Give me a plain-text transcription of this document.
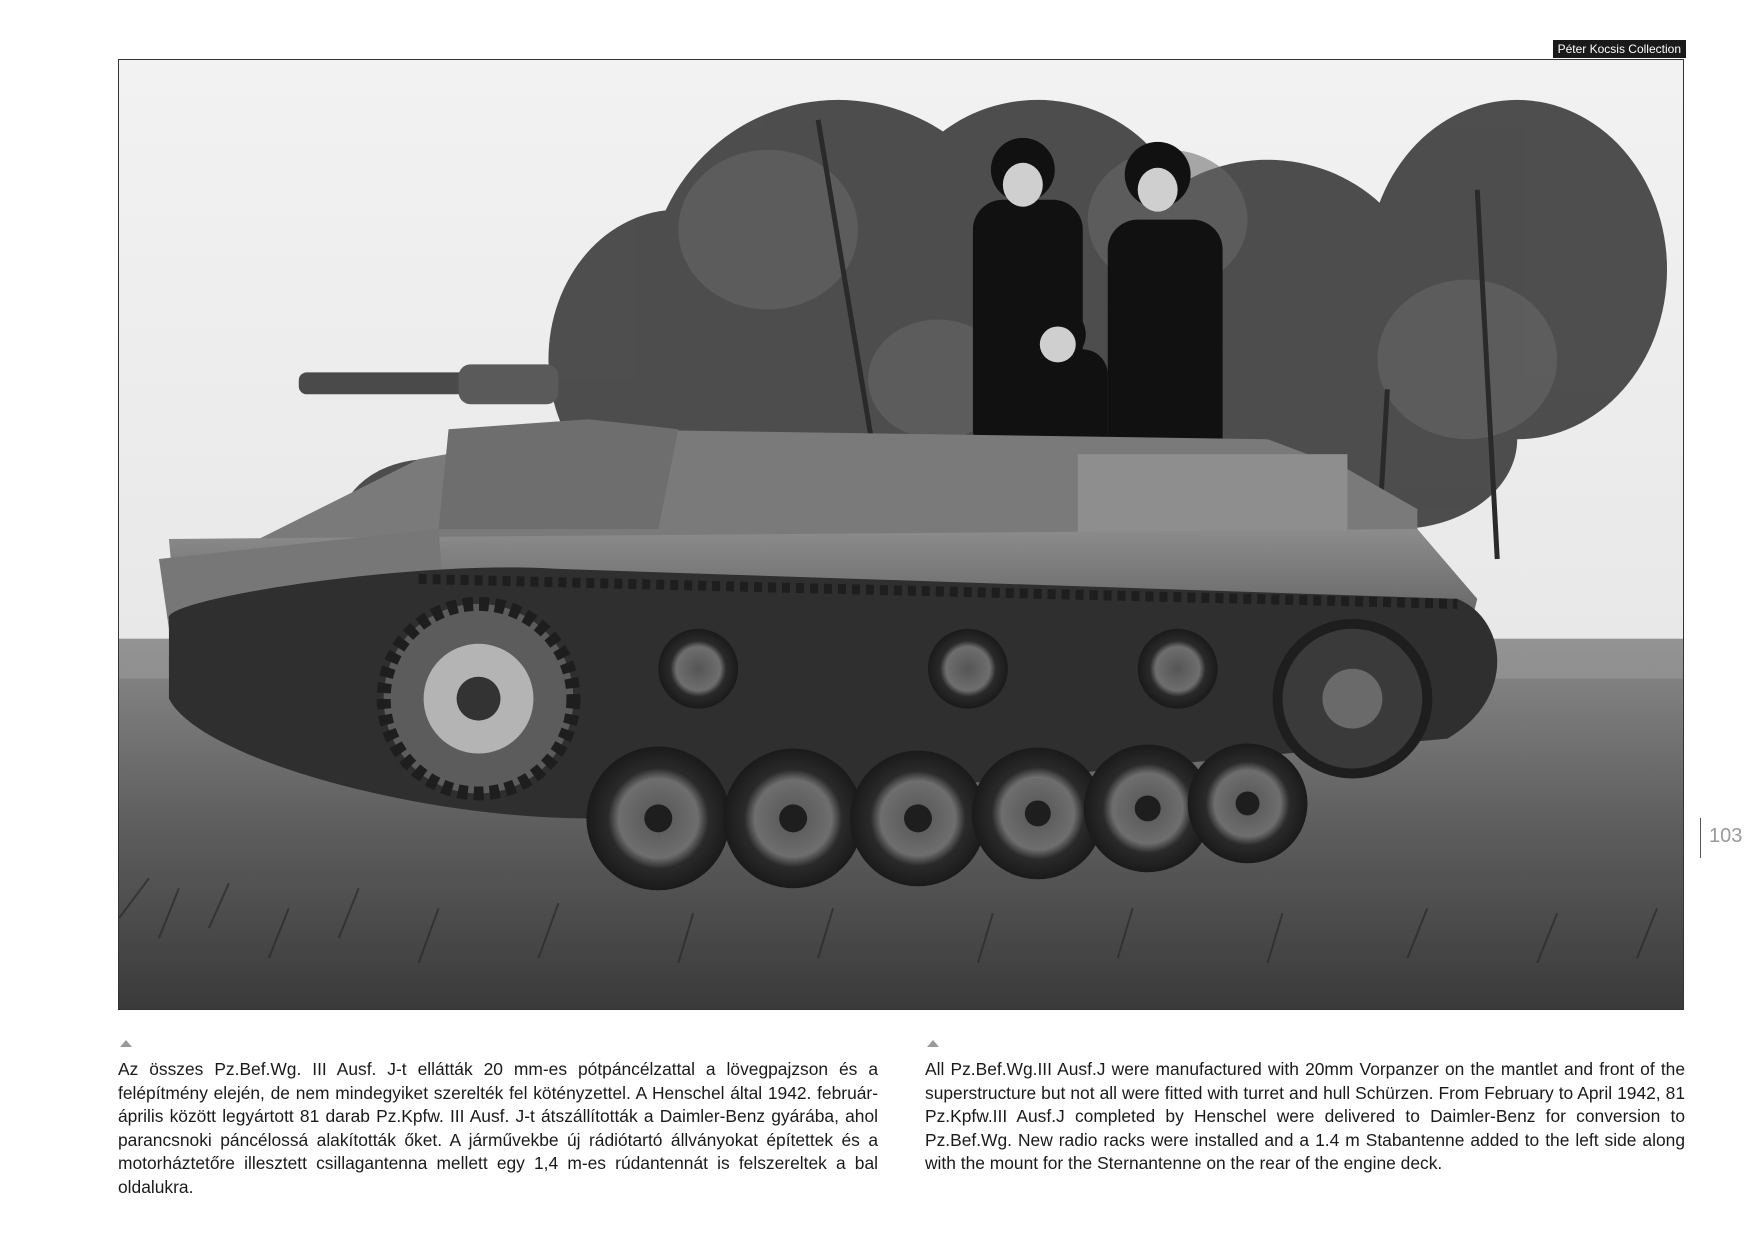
Péter Kocsis Collection
103
Az összes Pz.Bef.Wg. III Ausf. J-t ellátták 20 mm-es pótpáncélzattal a lövegpajzson és a felépítmény elején, de nem mindegyiket szerelték fel kötényzettel. A Henschel által 1942. február-április között legyártott 81 darab Pz.Kpfw. III Ausf. J-t átszállították a Daimler-Benz gyárába, ahol parancsnoki páncélossá alakították őket. A járművekbe új rádiótartó állványokat építettek és a motorháztetőre illesztett csillagantenna mellett egy 1,4 m-es rúdantennát is felszereltek a bal oldalukra.
All Pz.Bef.Wg.III Ausf.J were manufactured with 20mm Vorpanzer on the mantlet and front of the superstructure but not all were fitted with turret and hull Schürzen. From February to April 1942, 81 Pz.Kpfw.III Ausf.J completed by Henschel were delivered to Daimler-Benz for conversion to Pz.Bef.Wg. New radio racks were installed and a 1.4 m Stabantenne added to the left side along with the mount for the Sternantenne on the rear of the engine deck.
